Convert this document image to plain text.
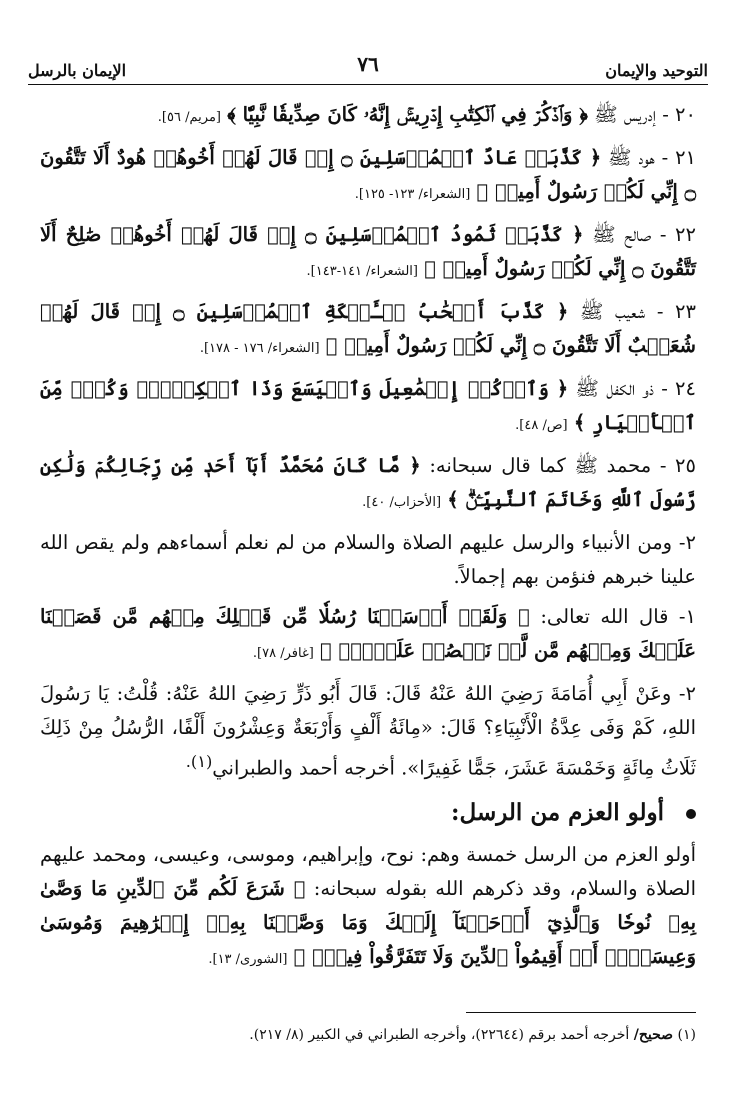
التوحيد والإيمان
٧٦
الإيمان بالرسل

٢٠ - إدريس ﷺ ﴿ وَٱذۡكُرۡ فِي ٱلۡكِتَٰبِ إِدۡرِيسَۚ إِنَّهُۥ كَانَ صِدِّيقٗا نَّبِيّٗا ﴾ [مريم/ ٥٦].

٢١ - هود ﷺ ﴿ كَذَّبَتۡ عَادٌ ٱلۡمُرۡسَلِينَ ۝ إِذۡ قَالَ لَهُمۡ أَخُوهُمۡ هُودٌ أَلَا تَتَّقُونَ ۝ إِنِّي لَكُمۡ رَسُولٌ أَمِينٞ ﴾ [الشعراء/ ١٢٣- ١٢٥].

٢٢ - صالح ﷺ ﴿ كَذَّبَتۡ ثَمُودُ ٱلۡمُرۡسَلِينَ ۝ إِذۡ قَالَ لَهُمۡ أَخُوهُمۡ صَٰلِحٌ أَلَا تَتَّقُونَ ۝ إِنِّي لَكُمۡ رَسُولٌ أَمِينٞ ﴾ [الشعراء/ ١٤١-١٤٣].

٢٣ - شعيب ﷺ ﴿ كَذَّبَ أَصۡحَٰبُ لۡـَٔيۡكَةِ ٱلۡمُرۡسَلِينَ ۝ إِذۡ قَالَ لَهُمۡ شُعَيۡبٌ أَلَا تَتَّقُونَ ۝ إِنِّي لَكُمۡ رَسُولٌ أَمِينٞ ﴾ [الشعراء/ ١٧٦ - ١٧٨].

٢٤ - ذو الكفل ﷺ ﴿ وَٱذۡكُرۡ إِسۡمَٰعِيلَ وَٱلۡيَسَعَ وَذَا ٱلۡكِفۡلِۖ وَكُلّٞ مِّنَ ٱلۡأَخۡيَارِ ﴾ [ص/ ٤٨].

٢٥ - محمد ﷺ كما قال سبحانه: ﴿ مَّا كَانَ مُحَمَّدٌ أَبَآ أَحَدٖ مِّن رِّجَالِكُمۡ وَلَٰكِن رَّسُولَ ٱللَّهِ وَخَاتَمَ ٱلنَّبِيِّـۧنَۗ ﴾ [الأحزاب/ ٤٠].

٢- ومن الأنبياء والرسل عليهم الصلاة والسلام من لم نعلم أسماءهم ولم يقص الله علينا خبرهم فنؤمن بهم إجمالاً.

١- قال الله تعالى: ﴿ وَلَقَدۡ أَرۡسَلۡنَا رُسُلٗا مِّن قَبۡلِكَ مِنۡهُم مَّن قَصَصۡنَا عَلَيۡكَ وَمِنۡهُم مَّن لَّمۡ نَقۡصُصۡ عَلَيۡكَۗ ﴾ [غافر/ ٧٨].

٢- وعَنْ أَبِي أُمَامَةَ رَضِيَ اللهُ عَنْهُ قَالَ: قَالَ أَبُو ذَرٍّ رَضِيَ اللهُ عَنْهُ: قُلْتُ: يَا رَسُولَ اللهِ، كَمْ وَفَى عِدَّةُ الْأَنْبِيَاءِ؟ قَالَ: «مِائَةُ أَلْفٍ وَأَرْبَعَةٌ وَعِشْرُونَ أَلْفًا، الرُّسُلُ مِنْ ذَلِكَ ثَلَاثُ مِائَةٍ وَخَمْسَةَ عَشَرَ، جَمًّا غَفِيرًا». أخرجه أحمد والطبراني$^{(١).}$

أولو العزم من الرسل:

أولو العزم من الرسل خمسة وهم: نوح، وإبراهيم، وموسى، وعيسى، ومحمد عليهم الصلاة والسلام، وقد ذكرهم الله بقوله سبحانه: ﴿ شَرَعَ لَكُم مِّنَ ٱلدِّينِ مَا وَصَّىٰ بِهِۦ نُوحٗا وَٱلَّذِيٓ أَوۡحَيۡنَآ إِلَيۡكَ وَمَا وَصَّيۡنَا بِهِۦٓ إِبۡرَٰهِيمَ وَمُوسَىٰ وَعِيسَىٰٓۖ أَنۡ أَقِيمُواْ ٱلدِّينَ وَلَا تَتَفَرَّقُواْ فِيهِۚ ﴾ [الشورى/ ١٣].

(١) صحيح/ أخرجه أحمد برقم (٢٢٦٤٤)، وأخرجه الطبراني في الكبير (٨/ ٢١٧).
